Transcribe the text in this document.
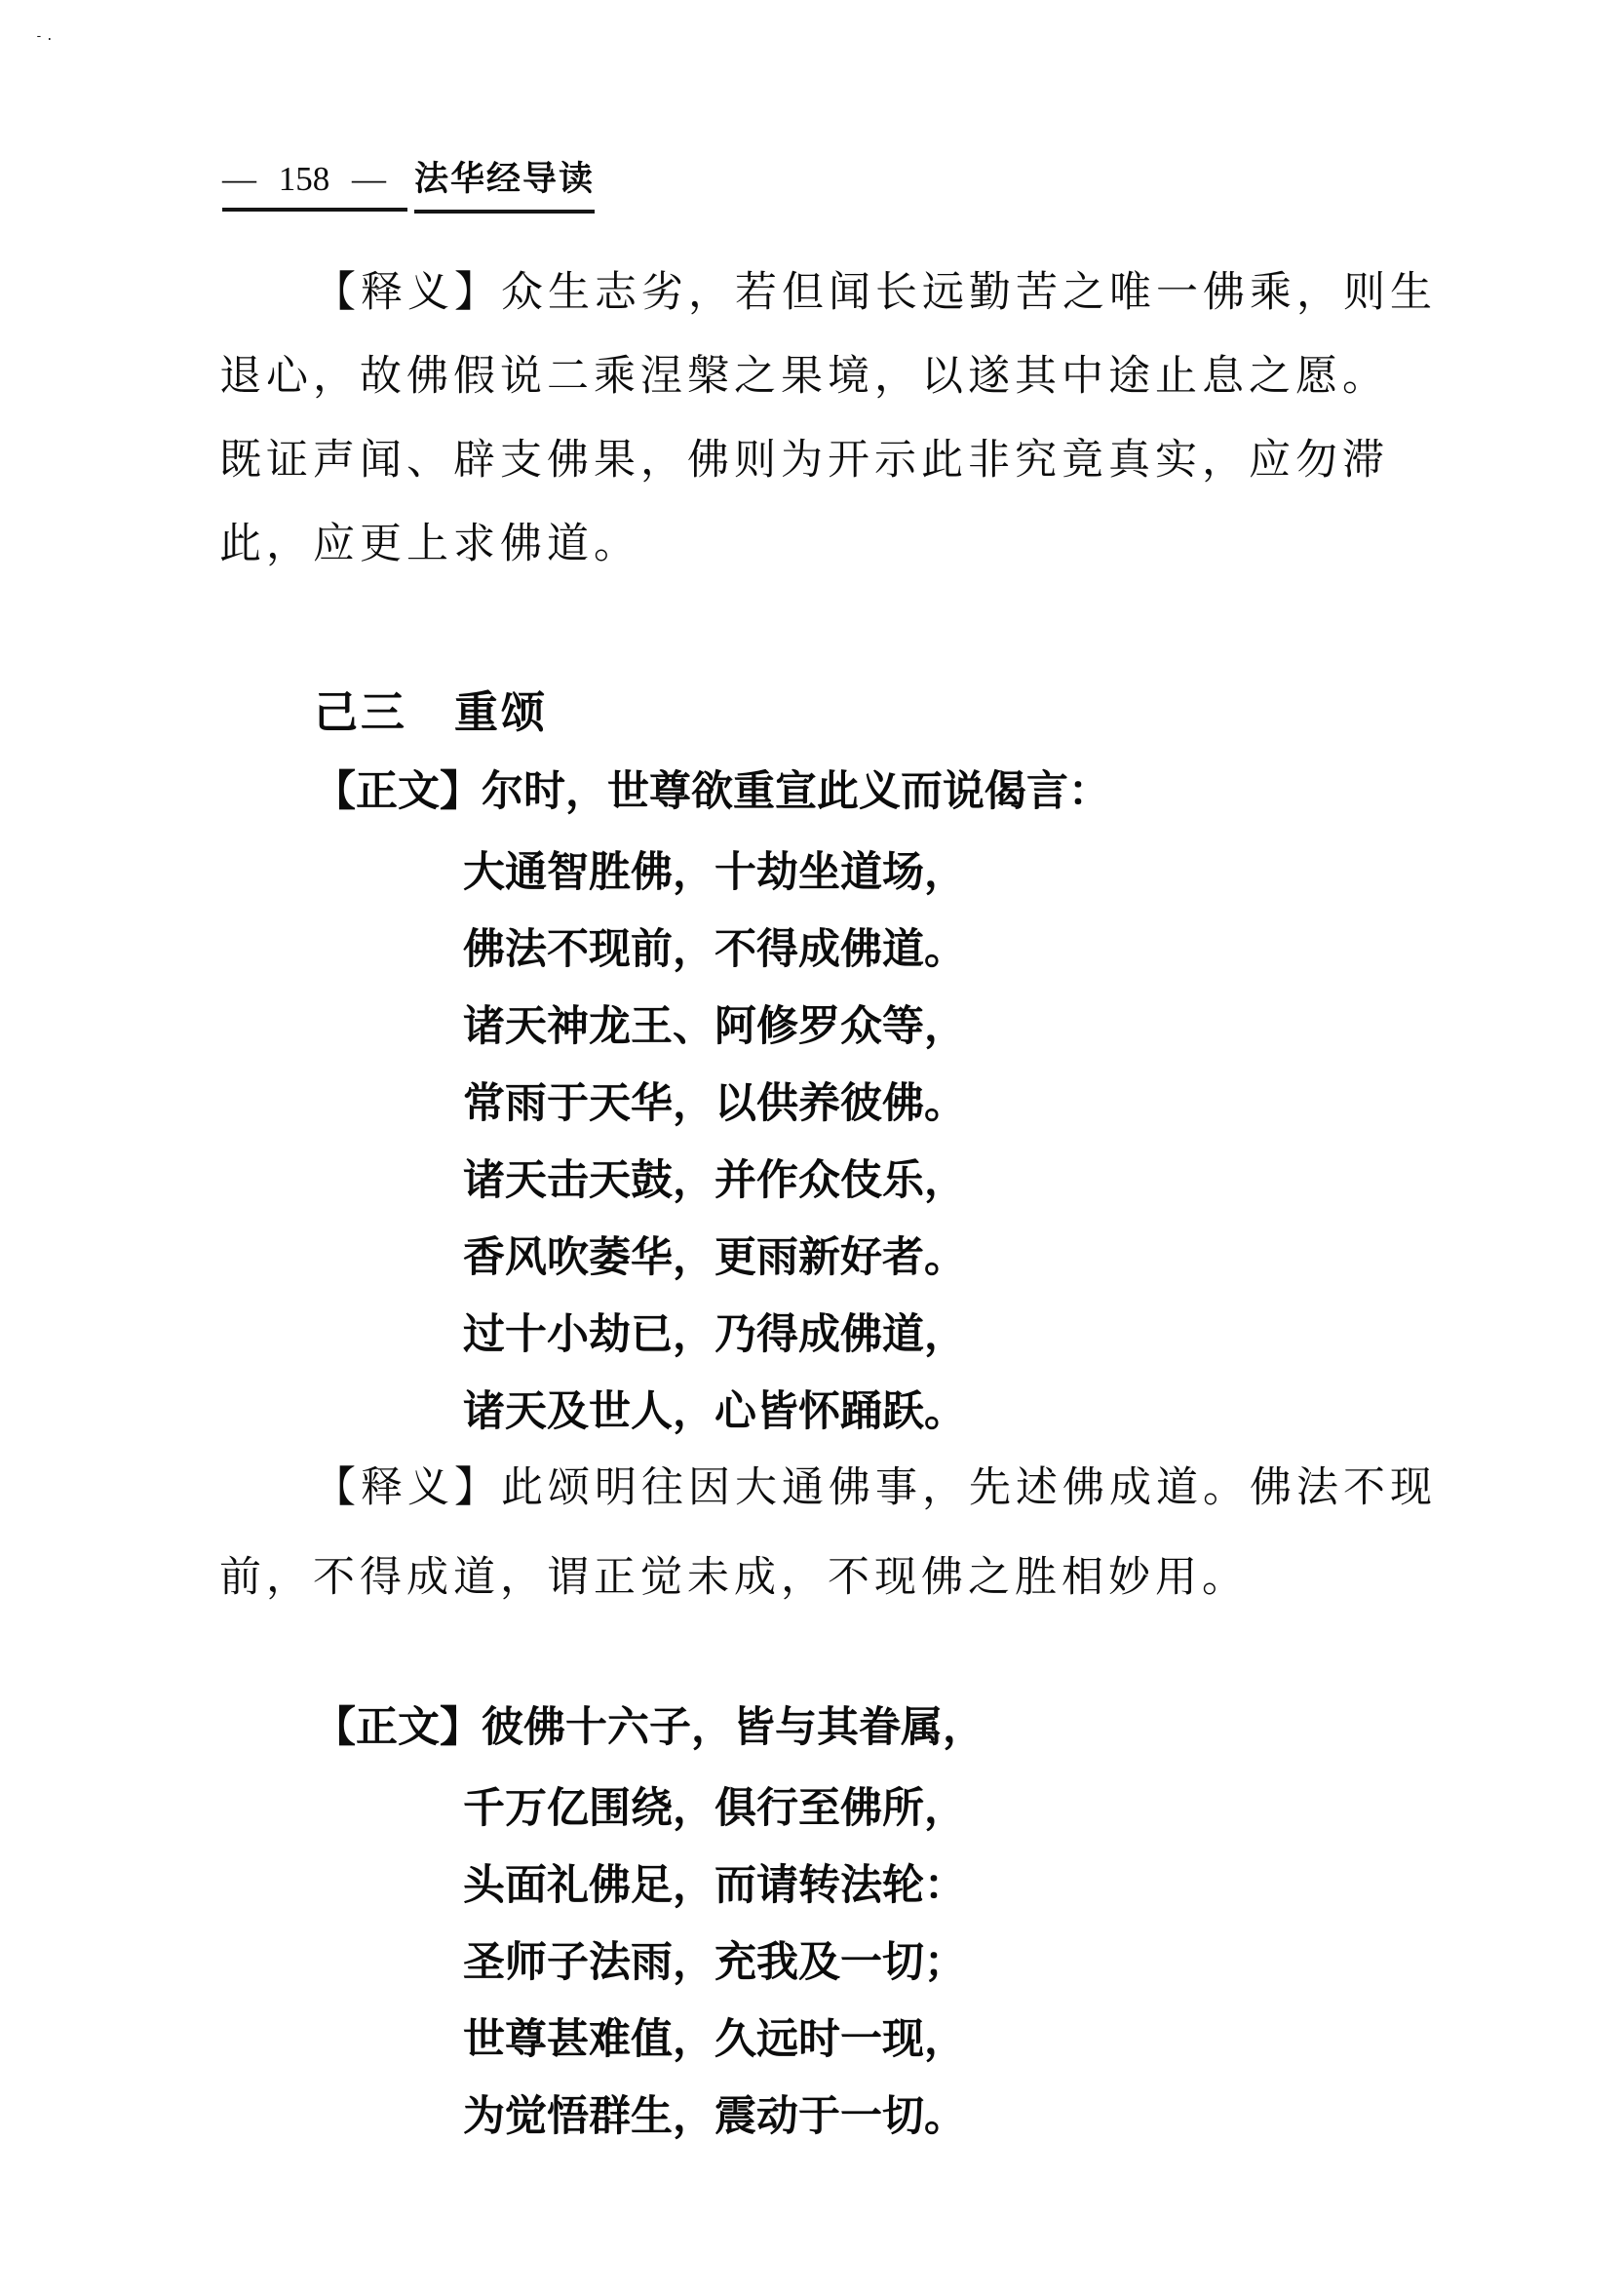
-.
— 158 — 法华经导读
【释义】众生志劣，若但闻长远勤苦之唯一佛乘，则生
退心，故佛假说二乘涅槃之果境，以遂其中途止息之愿。
既证声闻、辟支佛果，佛则为开示此非究竟真实，应勿滞
此，应更上求佛道。
己三　重颂
【正文】尔时，世尊欲重宣此义而说偈言：
大通智胜佛，十劫坐道场，
佛法不现前，不得成佛道。
诸天神龙王、阿修罗众等，
常雨于天华，以供养彼佛。
诸天击天鼓，并作众伎乐，
香风吹萎华，更雨新好者。
过十小劫已，乃得成佛道，
诸天及世人，心皆怀踊跃。
【释义】此颂明往因大通佛事，先述佛成道。佛法不现
前，不得成道，谓正觉未成，不现佛之胜相妙用。
【正文】彼佛十六子，皆与其眷属，
千万亿围绕，俱行至佛所，
头面礼佛足，而请转法轮：
圣师子法雨，充我及一切；
世尊甚难值，久远时一现，
为觉悟群生，震动于一切。
